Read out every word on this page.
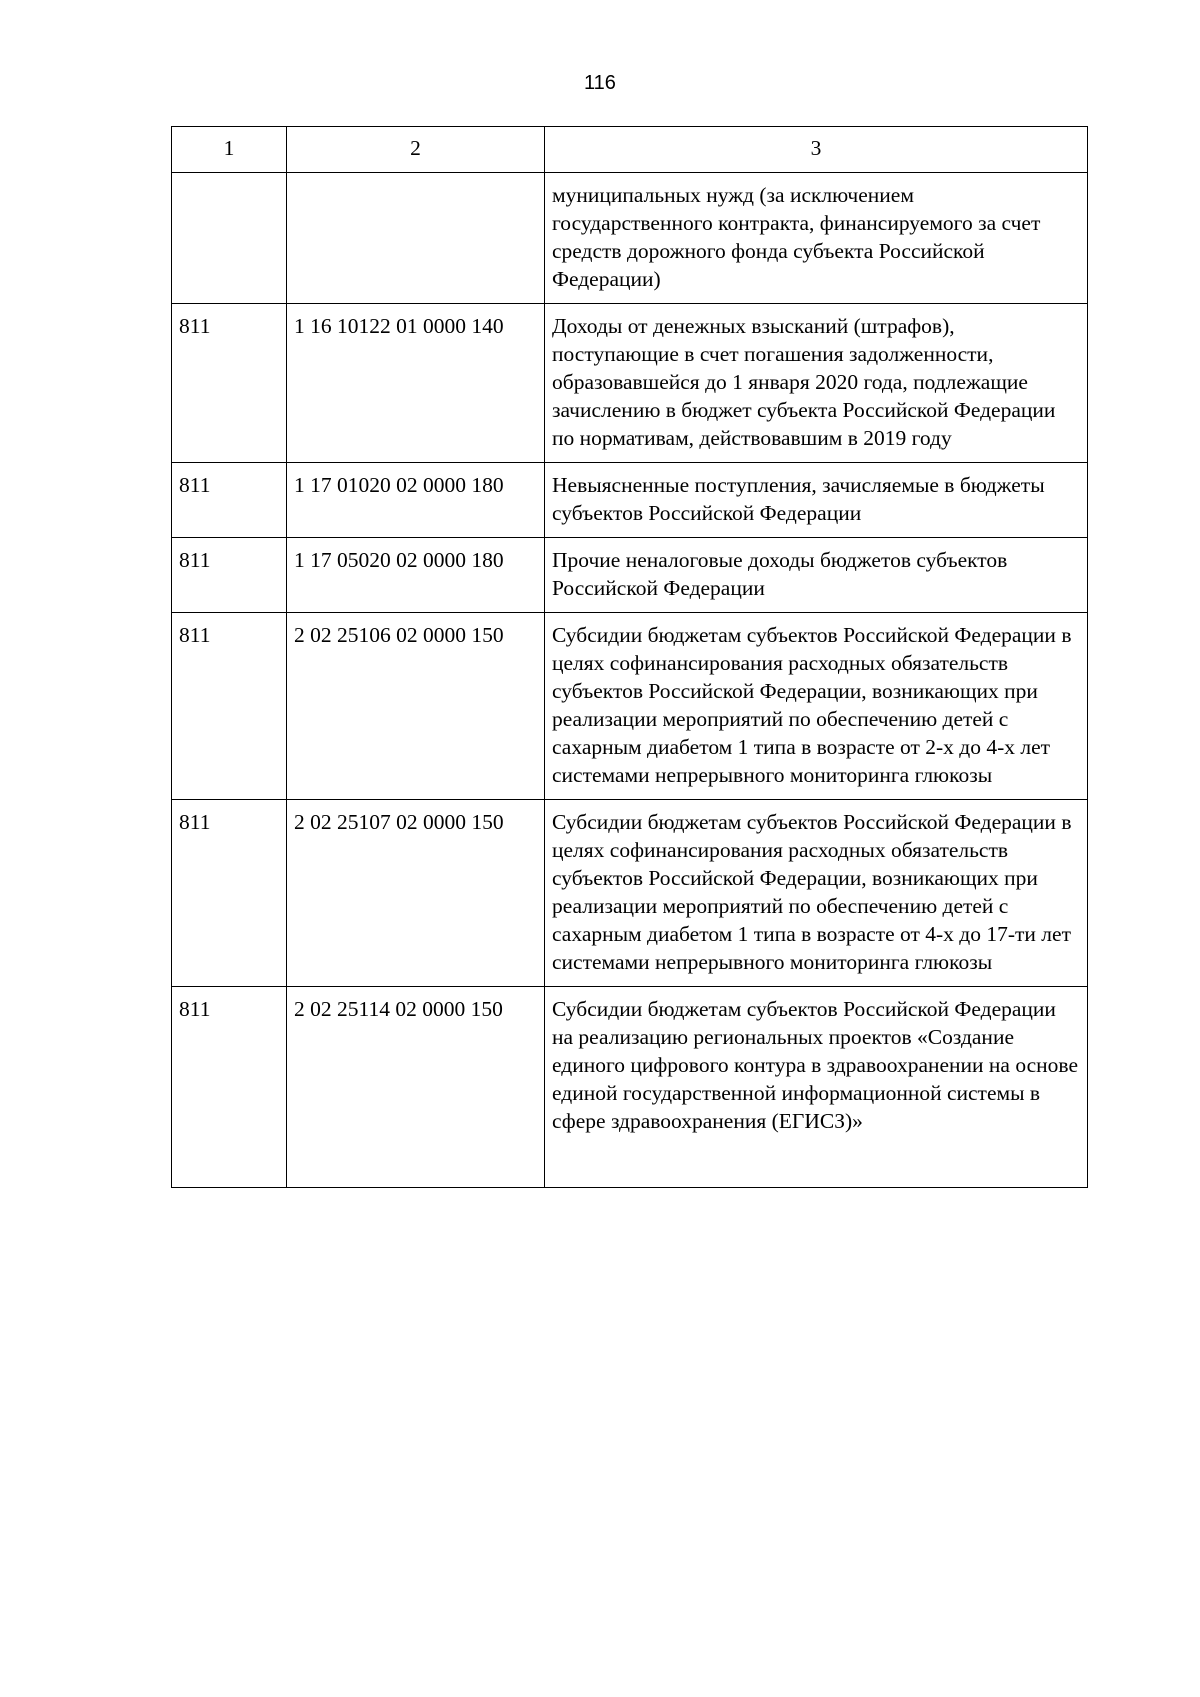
116
1	2	3
		муниципальных нужд (за исключением государственного контракта, финансируемого за счет средств дорожного фонда субъекта Российской Федерации)
811	1 16 10122 01 0000 140	Доходы от денежных взысканий (штрафов), поступающие в счет погашения задолженности, образовавшейся до 1 января 2020 года, подлежащие зачислению в бюджет субъекта Российской Федерации по нормативам, действовавшим в 2019 году
811	1 17 01020 02 0000 180	Невыясненные поступления, зачисляемые в бюджеты субъектов Российской Федерации
811	1 17 05020 02 0000 180	Прочие неналоговые доходы бюджетов субъектов Российской Федерации
811	2 02 25106 02 0000 150	Субсидии бюджетам субъектов Российской Федерации в целях софинансирования расходных обязательств субъектов Российской Федерации, возникающих при реализации мероприятий по обеспечению детей с сахарным диабетом 1 типа в возрасте от 2-х до 4-х лет системами непрерывного мониторинга глюкозы
811	2 02 25107 02 0000 150	Субсидии бюджетам субъектов Российской Федерации в целях софинансирования расходных обязательств субъектов Российской Федерации, возникающих при реализации мероприятий по обеспечению детей с сахарным диабетом 1 типа в возрасте от 4-х до 17-ти лет системами непрерывного мониторинга глюкозы
811	2 02 25114 02 0000 150	Субсидии бюджетам субъектов Российской Федерации на реализацию региональных проектов «Создание единого цифрового контура в здравоохранении на основе единой государственной информационной системы в сфере здравоохранения (ЕГИСЗ)»
